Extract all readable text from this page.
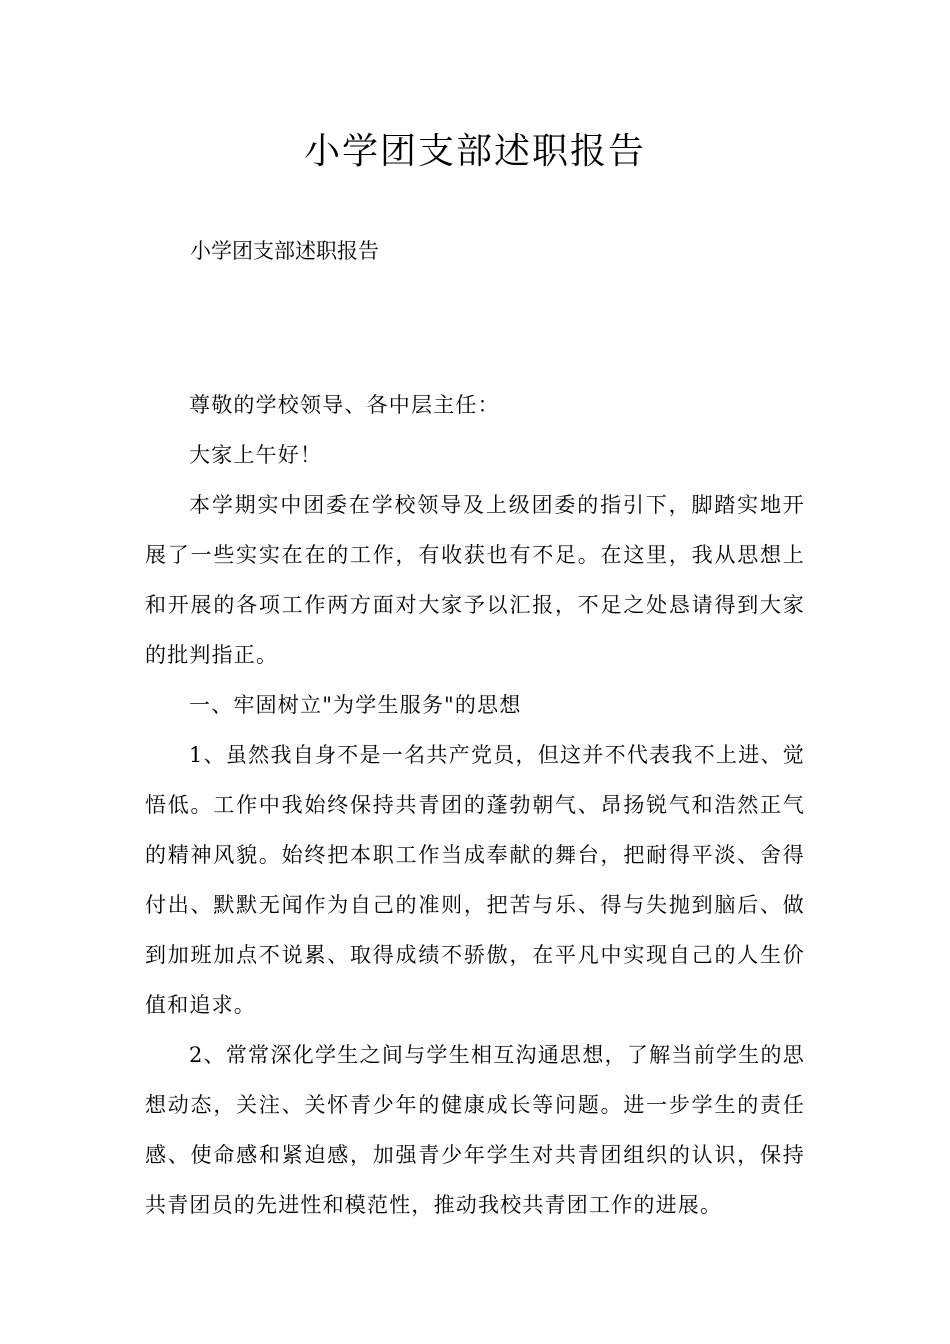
小学团支部述职报告

小学团支部述职报告

尊敬的学校领导、各中层主任：

大家上午好！

本学期实中团委在学校领导及上级团委的指引下，脚踏实地开展了一些实实在在的工作，有收获也有不足。在这里，我从思想上和开展的各项工作两方面对大家予以汇报，不足之处恳请得到大家的批判指正。

一、牢固树立"为学生服务"的思想

1、虽然我自身不是一名共产党员，但这并不代表我不上进、觉悟低。工作中我始终保持共青团的蓬勃朝气、昂扬锐气和浩然正气的精神风貌。始终把本职工作当成奉献的舞台，把耐得平淡、舍得付出、默默无闻作为自己的准则，把苦与乐、得与失抛到脑后、做到加班加点不说累、取得成绩不骄傲，在平凡中实现自己的人生价值和追求。

2、常常深化学生之间与学生相互沟通思想，了解当前学生的思想动态，关注、关怀青少年的健康成长等问题。进一步学生的责任感、使命感和紧迫感，加强青少年学生对共青团组织的认识，保持共青团员的先进性和模范性，推动我校共青团工作的进展。
